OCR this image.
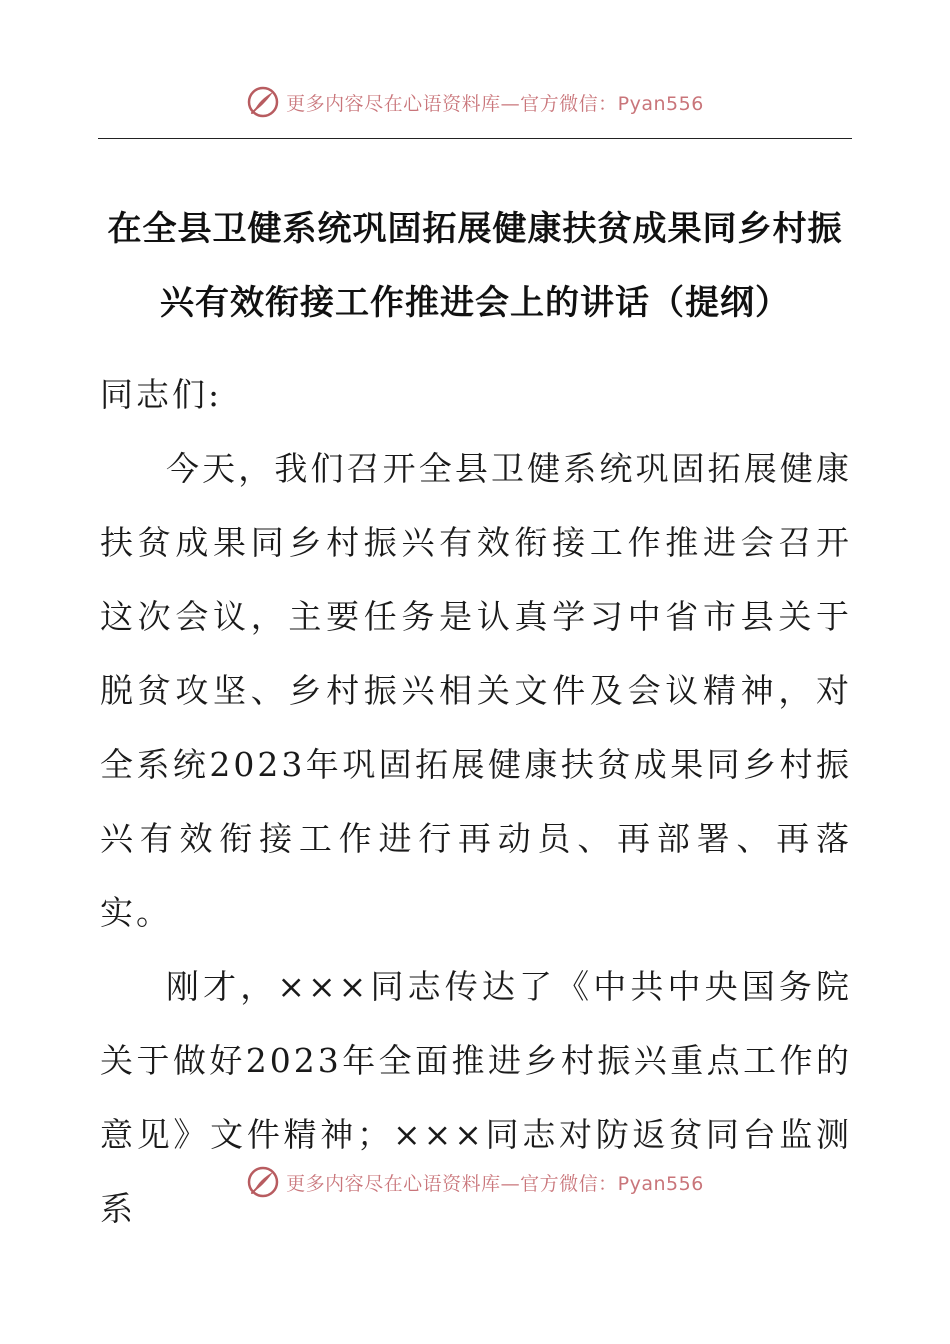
更多内容尽在心语资料库—官方微信：Pyan556
在全县卫健系统巩固拓展健康扶贫成果同乡村振兴有效衔接工作推进会上的讲话（提纲）

同志们:

今天，我们召开全县卫健系统巩固拓展健康扶贫成果同乡村振兴有效衔接工作推进会召开这次会议，主要任务是认真学习中省市县关于脱贫攻坚、乡村振兴相关文件及会议精神，对全系统2023年巩固拓展健康扶贫成果同乡村振兴有效衔接工作进行再动员、再部署、再落实。

刚才，×××同志传达了《中共中央国务院关于做好2023年全面推进乡村振兴重点工作的意见》文件精神；×××同志对防返贫同台监测系

更多内容尽在心语资料库—官方微信：Pyan556
